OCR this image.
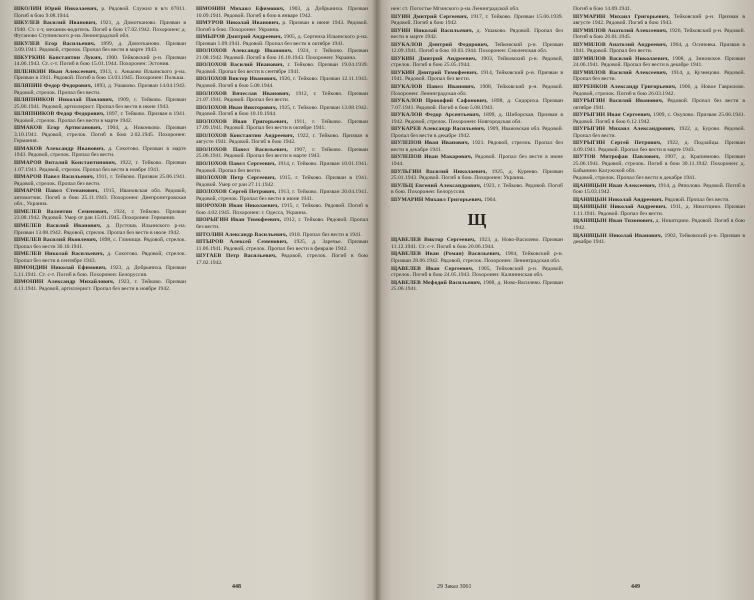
ШКОЛИН Юрий Николаевич, р. Рядовой. Служил в в/ч 07011. Погиб в бою 9.08.1944.
ШКУЛЕВ Василий Иванович, 1921, д. Домотканово. Призван в 1940. Ст. с-т, механик-водитель. Погиб в бою 17.02.1942. Похоронен: д. Фуганово Ступинского р-на Ленинградской обл.
ШКУЛЕВ Егор Васильевич, 1899, д. Домотканово. Призван 3.09.1941. Рядовой, стрелок. Пропал без вести в марте 1943.
ШКУРКИН Константин Лукич, 1900. Тейковский р-н. Призван 14.06.1943. Ст. с-т. Погиб в бою 15.01.1944. Похоронен: Эстония.
ШЛЕНКИН Иван Алексеевич, 1913, с. Аньково Ильинского р-на. Призван в 1941. Рядовой. Погиб в бою 13.03.1945. Похоронен: Польша.
ШЛЯПИН Федор Федорович, 1893, д. Ушаково. Призван 14.04.1943. Рядовой, стрелок. Пропал без вести.
ШЛЯПНИКОВ Николай Павлович, 1909, г. Тейково. Призван 25.06.1941. Рядовой, артиллерист. Пропал без вести в июне 1943.
ШЛЯПНИКОВ Федор Федорович, 1897, г. Тейково. Призван в 1941. Рядовой, стрелок. Пропал без вести в марте 1942.
ШМАКОВ Егор Артюганович, 1904, д. Никонково. Призван 3.10.1941. Рядовой, стрелок. Погиб в бою 2.02.1945. Похоронен: Германия.
ШМАКОВ Александр Иванович, д. Сокотово. Призван в марте 1943. Рядовой, стрелок. Пропал без вести.
ШМАРОВ Виталий Константинович, 1922, г. Тейково. Призван 1.07.1941. Рядовой, стрелок. Пропал без вести в ноябре 1941.
ШМАРОВ Павел Васильевич, 1911, г. Тейково. Призван 25.06.1941. Рядовой, стрелок. Пропал без вести.
ШМАРОВ Павел Степанович, 1915, Ивановская обл. Рядовой, автоматчик. Погиб в бою 25.11.1943. Похоронен: Днепропетровская обл., Украина.
ШМЕЛЕВ Валентин Семенович, 1924, г. Тейково. Призван 23.08.1942. Рядовой. Умер от ран 15.01.1945. Похоронен: Германия.
ШМЕЛЕВ Василий Иванович, д. Пустошь Ильинского р-на. Призван 13.08.1942. Рядовой, стрелок. Пропал без вести в июле 1942.
ШМЕЛЕВ Василий Яковлевич, 1898, с. Глинищи. Рядовой, стрелок. Пропал без вести 30.10.1941.
ШМЕЛЕВ Николай Васильевич, д. Сокотово. Рядовой, стрелок. Пропал без вести в сентябре 1943.
ШМОНДИН Николай Ефимович, 1923, д. Добрыниха. Призван 5.11.1941. Ст. с-т. Погиб в бою. Похоронен: Белоруссия.
ШМОНИН Александр Михайлович, 1923, г. Тейково. Призван 4.11.1941. Рядовой, артиллерист. Пропал без вести в ноябре 1942.
ШМОНИН Михаил Ефимович, 1903, д. Добрыниха. Призван 10.09.1941. Рядовой. Погиб в бою в январе 1942.
ШМУРОВ Николай Иванович, р. Призван в июне 1943. Рядовой. Погиб в бою. Похоронен: Украина.
ШМЫРОВ Дмитрий Андреевич, 1905, д. Сергеиха Ильинского р-на. Призван 1.09.1941. Рядовой. Пропал без вести в октябре 1941.
ШОЛОХОВ Александр Иванович, 1924, г. Тейково. Призван 21.08.1942. Рядовой. Погиб в бою 16.10.1943. Похоронен: Украина.
ШОЛОХОВ Василий Иванович, г. Тейково. Призван 19.04.1939. Рядовой. Пропал без вести в сентябре 1941.
ШОЛОХОВ Виктор Иванович, 1926, г. Тейково. Призван 12.11.1943. Рядовой. Погиб в бою 5.08.1944.
ШОЛОХОВ Вячеслав Иванович, 1912, г. Тейково. Призван 21.07.1941. Рядовой. Пропал без вести.
ШОЛОХОВ Иван Викторович, 1925, г. Тейково. Призван 13.08.1942. Рядовой. Погиб в бою 10.10.1944.
ШОЛОХОВ Иван Григорьевич, 1911, г. Тейково. Призван 17.09.1941. Рядовой. Пропал без вести в октябре 1941.
ШОЛОХОВ Константин Андреевич, 1922, г. Тейково. Призван в августе 1941. Рядовой. Погиб в бою 1942.
ШОЛОХОВ Павел Васильевич, 1907, г. Тейково. Призван 25.06.1941. Рядовой. Пропал без вести в марте 1943.
ШОЛОХОВ Павел Сергеевич, 1914, г. Тейково. Призван 10.01.1941. Рядовой. Пропал без вести.
ШОЛОХОВ Петр Сергеевич, 1915, г. Тейково. Призван в 1941. Рядовой. Умер от ран 27.11.1942.
ШОЛОХОВ Сергей Петрович, 1913, г. Тейково. Призван 20.04.1941. Рядовой, стрелок. Пропал без вести в июне 1941.
ШОРОХОВ Иван Николаевич, 1915, г. Тейково. Рядовой. Погиб в бою 4.02.1945. Похоронен: г. Одесса, Украина.
ШОРЫГИН Иван Тимофеевич, 1912, г. Тейково. Рядовой. Пропал без вести.
ШТОЛИН Александр Васильевич, 1918. Пропал без вести в 1941.
ШТЫРОВ Алексей Семенович, 1925, д. Заречье. Призван 11.06.1941. Рядовой, стрелок. Пропал без вести в феврале 1942.
ШУГАЕВ Петр Васильевич, Рядовой, стрелок. Погиб в бою 17.02.1942.
448
нен: ст. Погостье Мгинского р-на Ленинградской обл.
ШУИН Дмитрий Сергеевич, 1917, г. Тейково. Призван 15.06.1939. Рядовой. Погиб в бою 1942.
ШУИН Николай Васильевич, д. Ушаково. Рядовой. Пропал без вести в марте 1942.
ШУКАЛОВ Дмитрий Федорович, Тейковский р-н. Призван 12.09.1941. Погиб в бою 10.03.1944. Похоронен: Смоленская обл.
ШУКИН Дмитрий Андреевич, 1903, Тейковский р-н. Рядовой, стрелок. Погиб в бою 25.05.1944.
ШУКИН Дмитрий Тимофеевич, 1914, Тейковский р-н. Призван в 1941. Рядовой. Пропал без вести.
ШУКАЛОВ Павел Иванович, 1908, Тейковский р-н. Рядовой. Похоронен: Ленинградская обл.
ШУКАЛОВ Прокофий Сафонович, 1898, д. Сидориха. Призван 7.07.1941. Рядовой. Погиб в бою 5.08.1943.
ШУКАЛОВ Федор Арсентьевич, 1899, д. Шиборская. Призван в 1942. Рядовой, стрелок. Похоронен: Новгородская обл.
ШУКАРЕВ Александр Васильевич, 1909, Ивановская обл. Рядовой. Пропал без вести в декабре 1942.
ШУЛЕПОВ Иван Иванович, 1921. Рядовой, стрелок. Пропал без вести в декабре 1941.
ШУЛЕПОВ Иван Макарович, Рядовой. Пропал без вести в июне 1944.
ШУЛЬГИН Василий Николаевич, 1925, д. Куреево. Призван 25.01.1943. Рядовой. Погиб в бою. Похоронен: Украина.
ШУЛЬЦ Евгений Александрович, 1923, г. Тейково. Рядовой. Погиб в бою. Похоронен: Белоруссия.
ШУМАРИН Михаил Григорьевич, 1904.
Щ
ЩАВЕЛЕВ Виктор Сергеевич, 1923, д. Ново-Василево. Призван 11.12.1941. Ст. с-т. Погиб в бою 20.06.1944.
ЩАВЕЛЕВ Иван (Роман) Васильевич, 1904, Тейковский р-н. Призван 28.06.1942. Рядовой, стрелок. Похоронен: Ленинградская обл.
ЩАВЕЛЕВ Иван Сергеевич, 1905, Тейковский р-н. Рядовой, стрелок. Погиб в бою 24.05.1943. Похоронен: Калининская обл.
ЩАВЕЛЕВ Мефодий Васильевич, 1908, д. Ново-Василево. Призван 25.06.1941.
Погиб в бою 14.09.1941.
ШУМАРИН Михаил Григорьевич, Тейковский р-н. Призван в августе 1942. Рядовой. Погиб в бою 1943.
ШУМИЛОВ Анатолий Алексеевич, 1926, Тейковский р-н. Рядовой. Погиб в бою 26.01.1945.
ШУМИЛОВ Анатолий Андреевич, 1904, д. Осиновка. Призван в 1941. Рядовой. Пропал без вести.
ШУМИЛОВ Василий Николаевич, 1908, д. Зиновское. Призван 24.06.1941. Рядовой. Пропал без вести в декабре 1941.
ШУМИЛОВ Василий Алексеевич, 1914, д. Кузнецово. Рядовой. Пропал без вести.
ШУРЕНКОВ Александр Григорьевич, 1906, д. Новое Гаврилово. Рядовой, стрелок. Погиб в бою 26.03.1942.
ШУРЫГИН Василий Иванович, Рядовой. Пропал без вести в октябре 1941.
ШУРЫГИН Иван Сергеевич, 1909, с. Окулово. Призван 25.06.1941. Рядовой. Погиб в бою 6.12.1942.
ШУРЫГИН Михаил Александрович, 1922, д. Бурово. Рядовой. Пропал без вести.
ШУРЫГИН Сергей Петрович, 1922, д. Подзайцы. Призван 4.09.1941. Рядовой. Пропал без вести в марте 1943.
ШУТОВ Митрофан Павлович, 1907, д. Крапивново. Призван 25.06.1941. Рядовой, стрелок. Погиб в бою 30.11.1942. Похоронен: д. Бабынино Калужской обл.
Рядовой, стрелок. Пропал без вести в декабре 1941.
ЩАНИЦЫН Иван Алексеевич, 1914, д. Ряполово. Рядовой. Погиб в бою 15.03.1942.
ЩАНИЦЫН Николай Андреевич, Рядовой. Пропал без вести.
ЩАНИЦЫН Николай Андреевич, 1911, д. Никитцино. Призван 1.11.1941. Рядовой. Пропал без вести.
ЩАНИЦЫН Иван Тихонович, д. Никитцино. Рядовой. Погиб в бою 1942.
ЩАНИЦЫН Николай Иванович, 1902, Тейковский р-н. Призван в декабре 1941.
29 Заказ 3061	449
